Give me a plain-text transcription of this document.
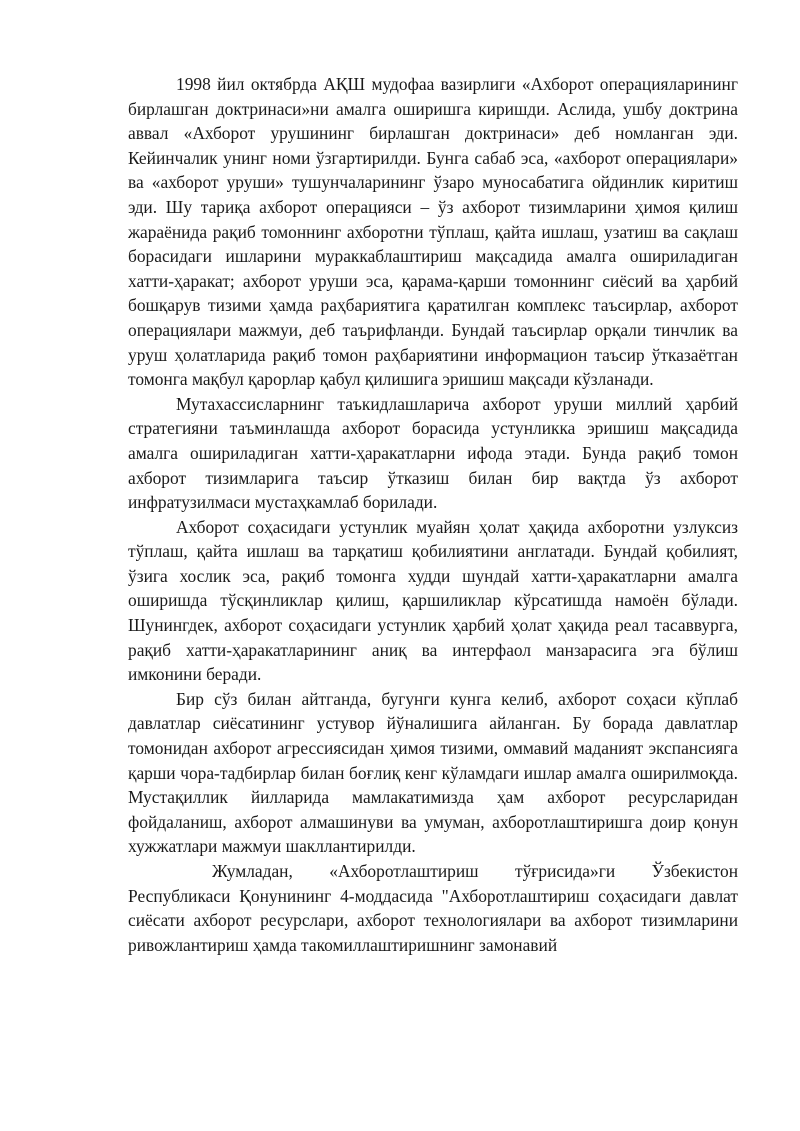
1998 йил октябрда АҚШ мудофаа вазирлиги «Ахборот операцияларининг бирлашган доктринаси»ни амалга оширишга киришди. Аслида, ушбу доктрина аввал «Ахборот урушининг бирлашган доктринаси» деб номланган эди. Кейинчалик унинг номи ўзгартирилди. Бунга сабаб эса, «ахборот операциялари» ва «ахборот уруши» тушунчаларининг ўзаро муносабатига ойдинлик киритиш эди. Шу тариқа ахборот операцияси – ўз ахборот тизимларини ҳимоя қилиш жараёнида рақиб томоннинг ахборотни тўплаш, қайта ишлаш, узатиш ва сақлаш борасидаги ишларини мураккаблаштириш мақсадида амалга ошириладиган хатти-ҳаракат; ахборот уруши эса, қарама-қарши томоннинг сиёсий ва ҳарбий бошқарув тизими ҳамда раҳбариятига қаратилган комплекс таъсирлар, ахборот операциялари мажмуи, деб таърифланди. Бундай таъсирлар орқали тинчлик ва уруш ҳолатларида рақиб томон раҳбариятини информацион таъсир ўтказаётган томонга мақбул қарорлар қабул қилишига эришиш мақсади кўзланади.

Мутахассисларнинг таъкидлашларича ахборот уруши миллий ҳарбий стратегияни таъминлашда ахборот борасида устунликка эришиш мақсадида амалга ошириладиган хатти-ҳаракатларни ифода этади. Бунда рақиб томон ахборот тизимларига таъсир ўтказиш билан бир вақтда ўз ахборот инфратузилмаси мустаҳкамлаб борилади.

Ахборот соҳасидаги устунлик муайян ҳолат ҳақида ахборотни узлуксиз тўплаш, қайта ишлаш ва тарқатиш қобилиятини англатади. Бундай қобилият, ўзига хослик эса, рақиб томонга худди шундай хатти-ҳаракатларни амалга оширишда тўсқинликлар қилиш, қаршиликлар кўрсатишда намоён бўлади. Шунингдек, ахборот соҳасидаги устунлик ҳарбий ҳолат ҳақида реал тасаввурга, рақиб хатти-ҳаракатларининг аниқ ва интерфаол манзарасига эга бўлиш имконини беради.

Бир сўз билан айтганда, бугунги кунга келиб, ахборот соҳаси кўплаб давлатлар сиёсатининг устувор йўналишига айланган. Бу борада давлатлар томонидан ахборот агрессиясидан ҳимоя тизими, оммавий маданият экспансияга қарши чора-тадбирлар билан боғлиқ кенг кўламдаги ишлар амалга оширилмоқда. Мустақиллик йилларида мамлакатимизда ҳам ахборот ресурсларидан фойдаланиш, ахборот алмашинуви ва умуман, ахборотлаштиришга доир қонун хужжатлари мажмуи шакллантирилди.

Жумладан, «Ахборотлаштириш тўғрисида»ги Ўзбекистон Республикаси Қонунининг 4-моддасида "Ахборотлаштириш соҳасидаги давлат сиёсати ахборот ресурслари, ахборот технологиялари ва ахборот тизимларини ривожлантириш ҳамда такомиллаштиришнинг замонавий
